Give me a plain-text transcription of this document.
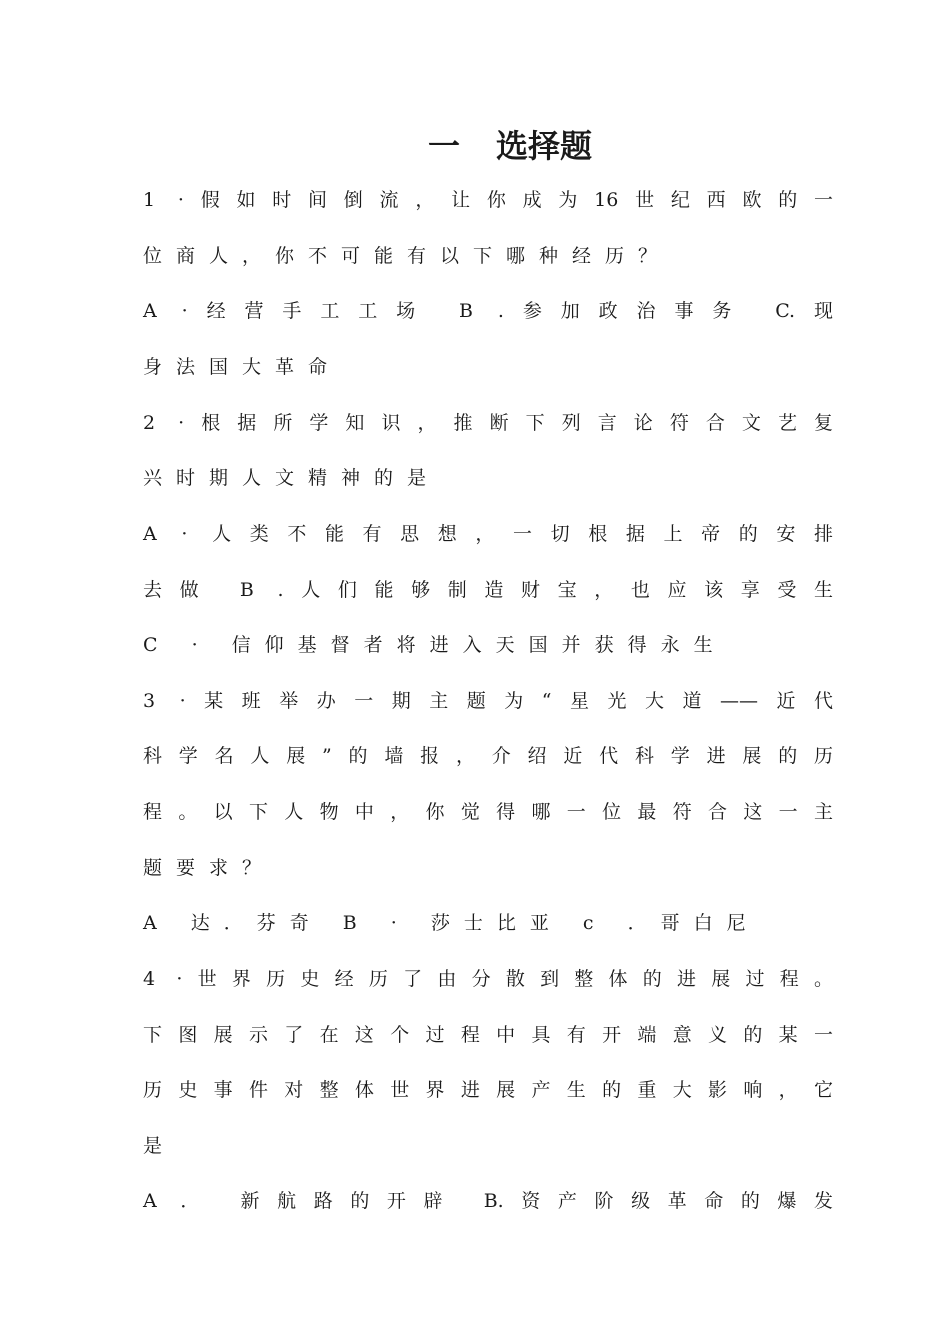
一 选择题
1 ·假如时间倒流，让你成为16世纪西欧的一
位商人，你不可能有以下哪种经历？
A ·经营手工工场 B .参加政治事务 C.现
身法国大革命
2 ·根据所学知识，推断下列言论符合文艺复
兴时期人文精神的是
A · 人类不能有思想，一切根据上帝的安排
去做 B .人们能够制造财宝，也应该享受生
C · 信仰基督者将进入天国并获得永生
3 ·某班举办一期主题为“星光大道——近代
科学名人展”的墙报，介绍近代科学进展的历
程。以下人物中，你觉得哪一位最符合这一主
题要求？
A 达．芬奇 B · 莎士比亚 c ．哥白尼
4 ·世界历史经历了由分散到整体的进展过程。
下图展示了在这个过程中具有开端意义的某一
历史事件对整体世界进展产生的重大影响，它
是
A ． 新航路的开辟 B.资产阶级革命的爆发
